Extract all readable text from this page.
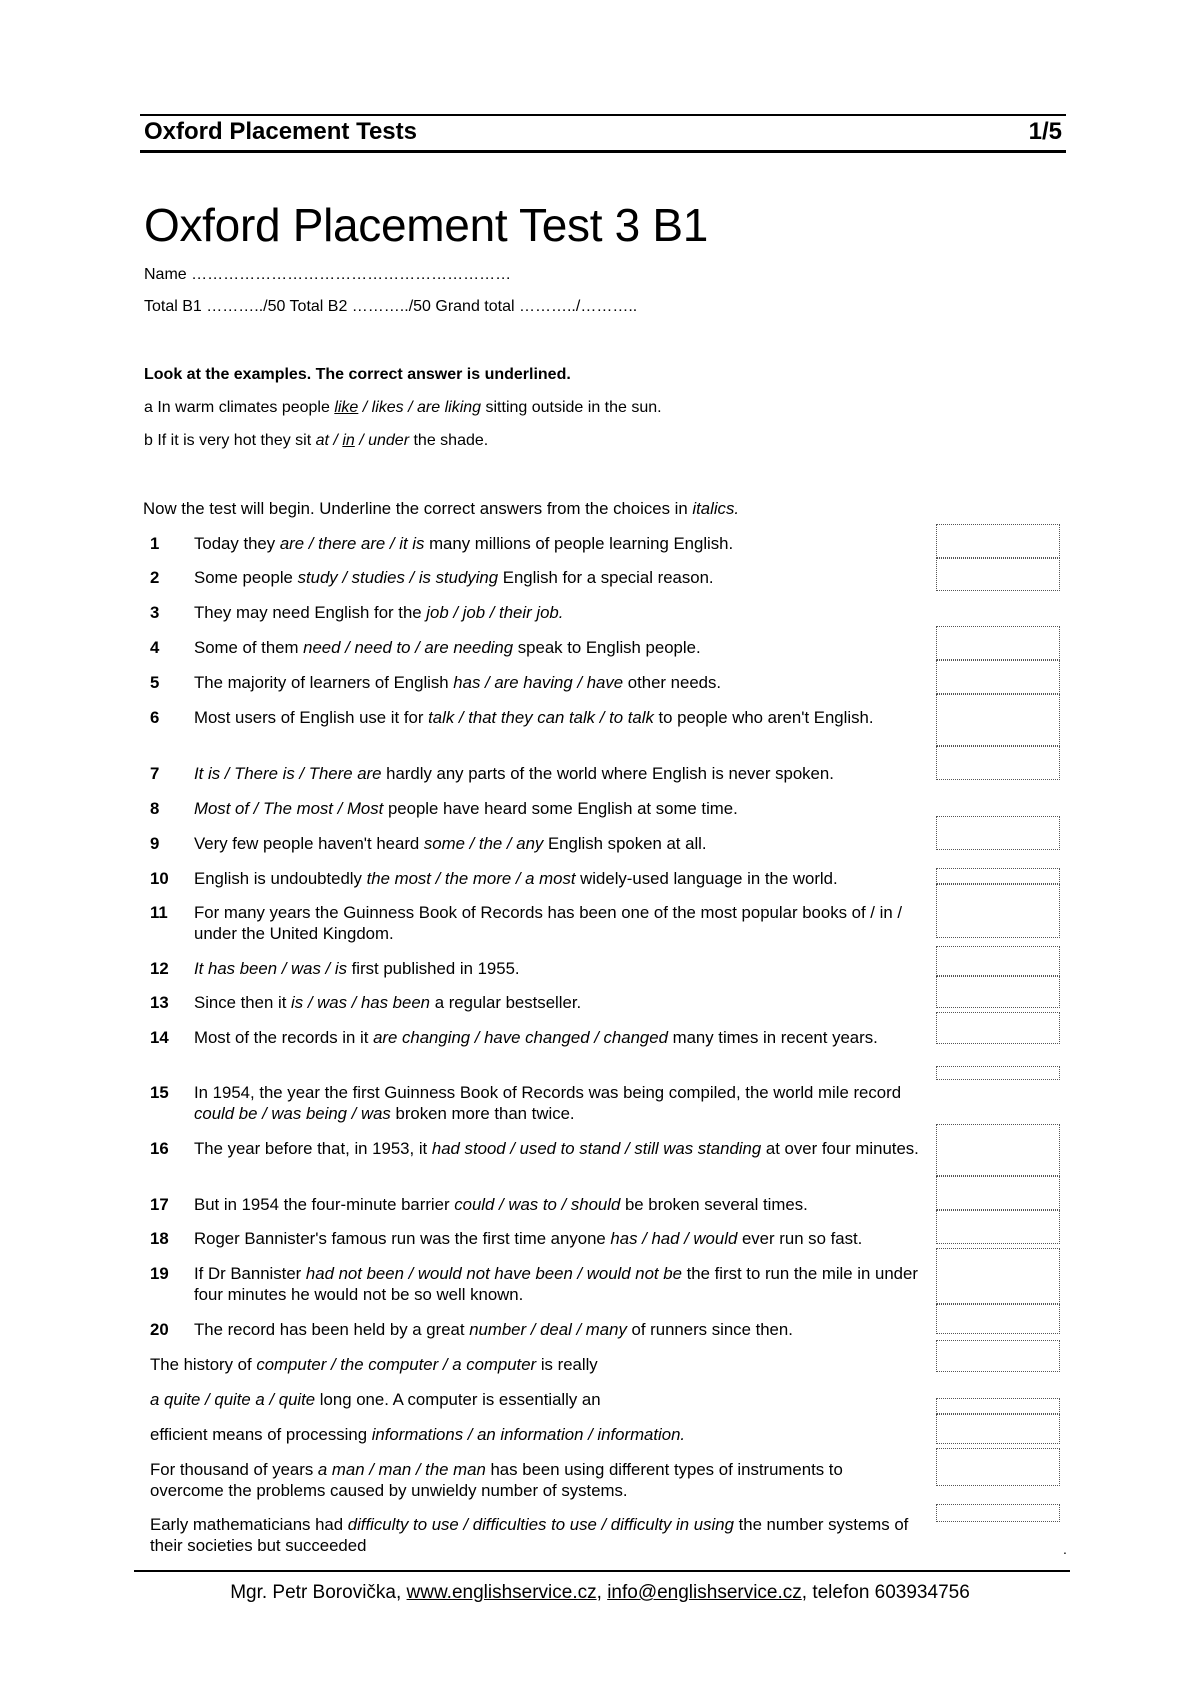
Oxford Placement Tests	1/5
Oxford Placement Test 3 B1
Name ……………………………………………………
Total B1 ………../50 Total B2 ………../50 Grand total ………../………..
Look at the examples. The correct answer is underlined.
a In warm climates people like / likes / are liking sitting outside in the sun.
b If it is very hot they sit at / in / under the shade.
Now the test will begin. Underline the correct answers from the choices in italics.
1	Today they are / there are / it is many millions of people learning English.
2	Some people study / studies / is studying English for a special reason.
3	They may need English for the job / job / their job.
4	Some of them need / need to / are needing speak to English people.
5	The majority of learners of English has / are having / have other needs.
6	Most users of English use it for talk / that they can talk / to talk to people who aren't English.
7	It is / There is / There are hardly any parts of the world where English is never spoken.
8	Most of / The most / Most people have heard some English at some time.
9	Very few people haven't heard some / the / any English spoken at all.
10	English is undoubtedly the most / the more / a most widely-used language in the world.
11	For many years the Guinness Book of Records has been one of the most popular books of / in / under the United Kingdom.
12	It has been / was / is first published in 1955.
13	Since then it is / was / has been a regular bestseller.
14	Most of the records in it are changing / have changed / changed many times in recent years.
15	In 1954, the year the first Guinness Book of Records was being compiled, the world mile record could be / was being / was broken more than twice.
16	The year before that, in 1953, it had stood / used to stand / still was standing at over four minutes.
17	But in 1954 the four-minute barrier could / was to / should be broken several times.
18	Roger Bannister's famous run was the first time anyone has / had / would ever run so fast.
19	If Dr Bannister had not been / would not have been / would not be the first to run the mile in under four minutes he would not be so well known.
20	The record has been held by a great number / deal / many of runners since then.
The history of computer / the computer / a computer is really
a quite / quite a / quite long one. A computer is essentially an
efficient means of processing informations / an information / information.
For thousand of years a man / man / the man has been using different types of instruments to overcome the problems caused by unwieldy number of systems.
Early mathematicians had difficulty to use / difficulties to use / difficulty in using the number systems of their societies but succeeded	.
Mgr. Petr Borovička, www.englishservice.cz, info@englishservice.cz, telefon 603934756
